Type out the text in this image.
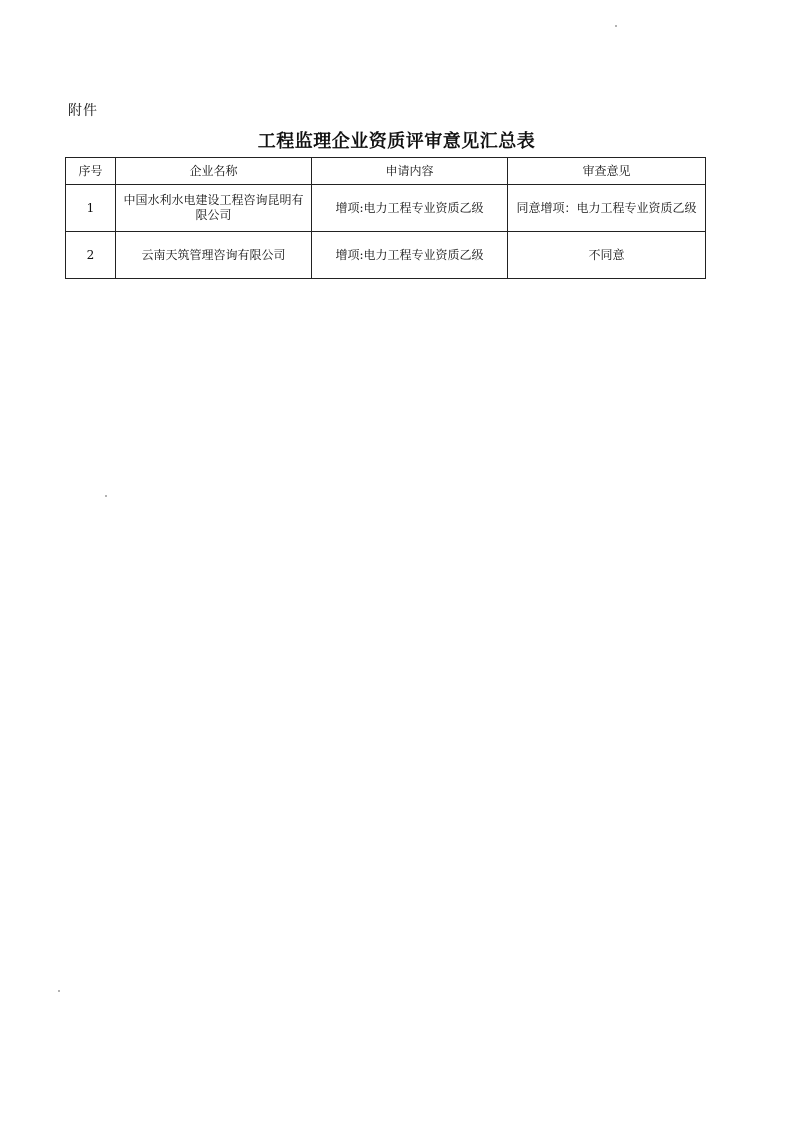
附件
工程监理企业资质评审意见汇总表
序号	企业名称	申请内容	审查意见
1	中国水利水电建设工程咨询昆明有限公司	增项:电力工程专业资质乙级	同意增项：电力工程专业资质乙级
2	云南天筑管理咨询有限公司	增项:电力工程专业资质乙级	不同意
